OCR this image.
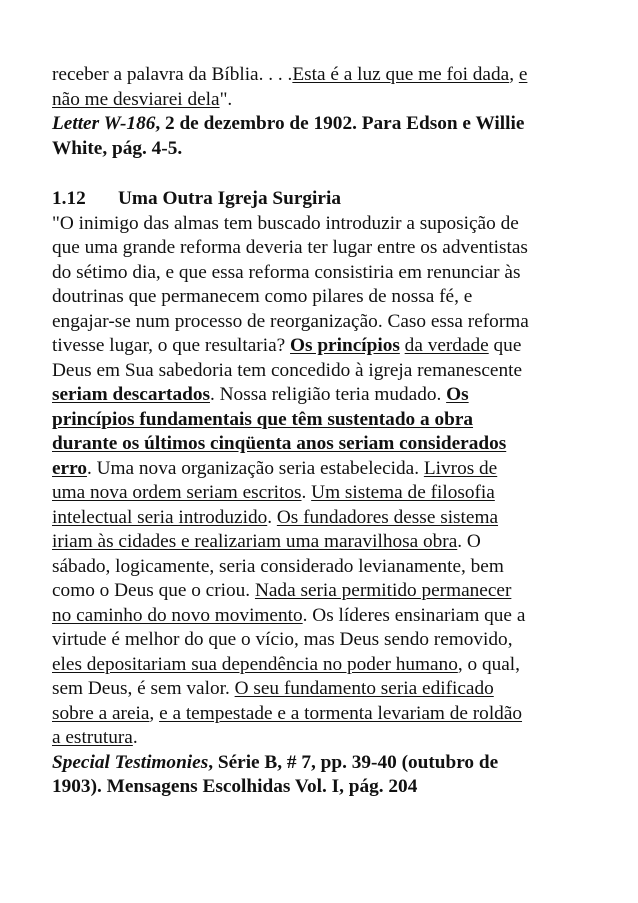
receber a palavra da Bíblia. . . .Esta é a luz que me foi dada, e
não me desviarei dela".
Letter W-186, 2 de dezembro de 1902. Para Edson e Willie
White, pág. 4-5.
1.12 Uma Outra Igreja Surgiria
"O inimigo das almas tem buscado introduzir a suposição de
que uma grande reforma deveria ter lugar entre os adventistas
do sétimo dia, e que essa reforma consistiria em renunciar às
doutrinas que permanecem como pilares de nossa fé, e
engajar-se num processo de reorganização. Caso essa reforma
tivesse lugar, o que resultaria? Os princípios da verdade que
Deus em Sua sabedoria tem concedido à igreja remanescente
seriam descartados. Nossa religião teria mudado. Os
princípios fundamentais que têm sustentado a obra
durante os últimos cinqüenta anos seriam considerados
erro. Uma nova organização seria estabelecida. Livros de
uma nova ordem seriam escritos. Um sistema de filosofia
intelectual seria introduzido. Os fundadores desse sistema
iriam às cidades e realizariam uma maravilhosa obra. O
sábado, logicamente, seria considerado levianamente, bem
como o Deus que o criou. Nada seria permitido permanecer
no caminho do novo movimento. Os líderes ensinariam que a
virtude é melhor do que o vício, mas Deus sendo removido,
eles depositariam sua dependência no poder humano, o qual,
sem Deus, é sem valor. O seu fundamento seria edificado
sobre a areia, e a tempestade e a tormenta levariam de roldão
a estrutura.
Special Testimonies, Série B, # 7, pp. 39-40 (outubro de
1903). Mensagens Escolhidas Vol. I, pág. 204
